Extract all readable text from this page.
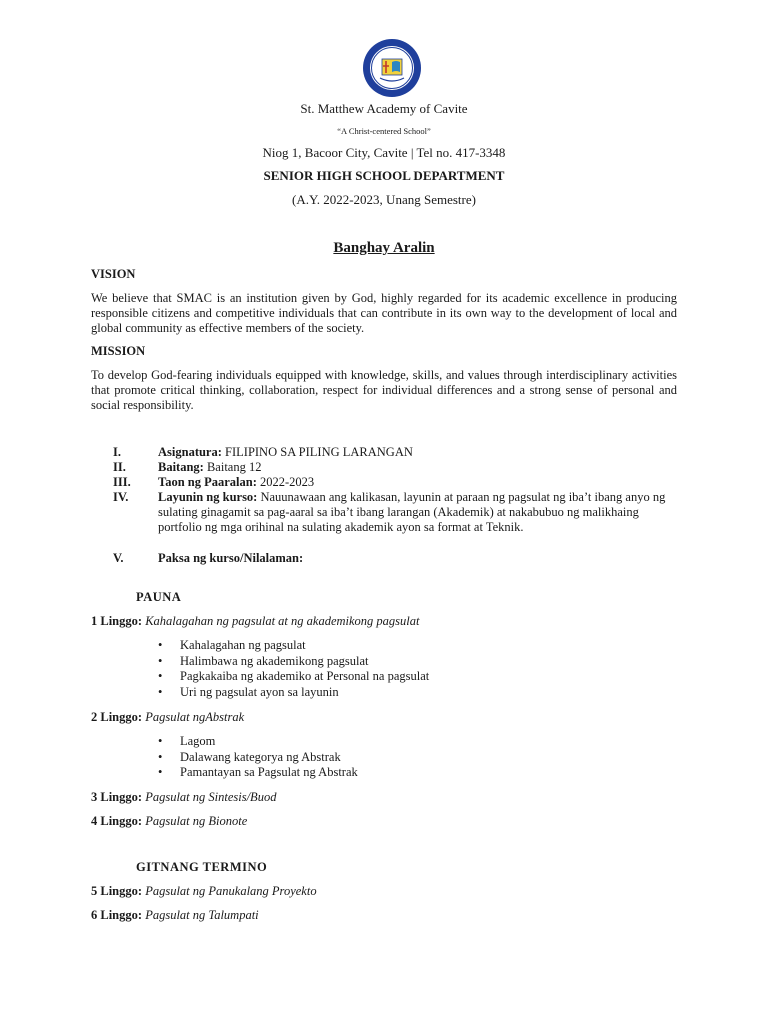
St. Matthew Academy of Cavite
“A Christ-centered School”
Niog 1, Bacoor City, Cavite | Tel no. 417-3348
SENIOR HIGH SCHOOL DEPARTMENT
(A.Y. 2022-2023, Unang Semestre)
Banghay Aralin
VISION
We believe that SMAC is an institution given by God, highly regarded for its academic excellence in producing responsible citizens and competitive individuals that can contribute in its own way to the development of local and global community as effective members of the society.
MISSION
To develop God-fearing individuals equipped with knowledge, skills, and values through interdisciplinary activities that promote critical thinking, collaboration, respect for individual differences and a strong sense of personal and social responsibility.
I.	Asignatura: FILIPINO SA PILING LARANGAN
II.	Baitang: Baitang 12
III. Taon ng Paaralan: 2022-2023
IV. Layunin ng kurso: Nauunawaan ang kalikasan, layunin at paraan ng pagsulat ng iba’t ibang anyo ng sulating ginagamit sa pag-aaral sa iba’t ibang larangan (Akademik) at nakabubuo ng malikhaing portfolio ng mga orihinal na sulating akademik ayon sa format at Teknik.
V.	Paksa ng kurso/Nilalaman:
PAUNA
1 Linggo: Kahalagahan ng pagsulat at ng akademikong pagsulat
• Kahalagahan ng pagsulat
• Halimbawa ng akademikong pagsulat
• Pagkakaiba ng akademiko at Personal na pagsulat
• Uri ng pagsulat ayon sa layunin
2 Linggo: Pagsulat ngAbstrak
• Lagom
• Dalawang kategorya ng Abstrak
• Pamantayan sa Pagsulat ng Abstrak
3 Linggo: Pagsulat ng Sintesis/Buod
4 Linggo: Pagsulat ng Bionote
GITNANG TERMINO
5 Linggo: Pagsulat ng Panukalang Proyekto
6 Linggo: Pagsulat ng Talumpati
